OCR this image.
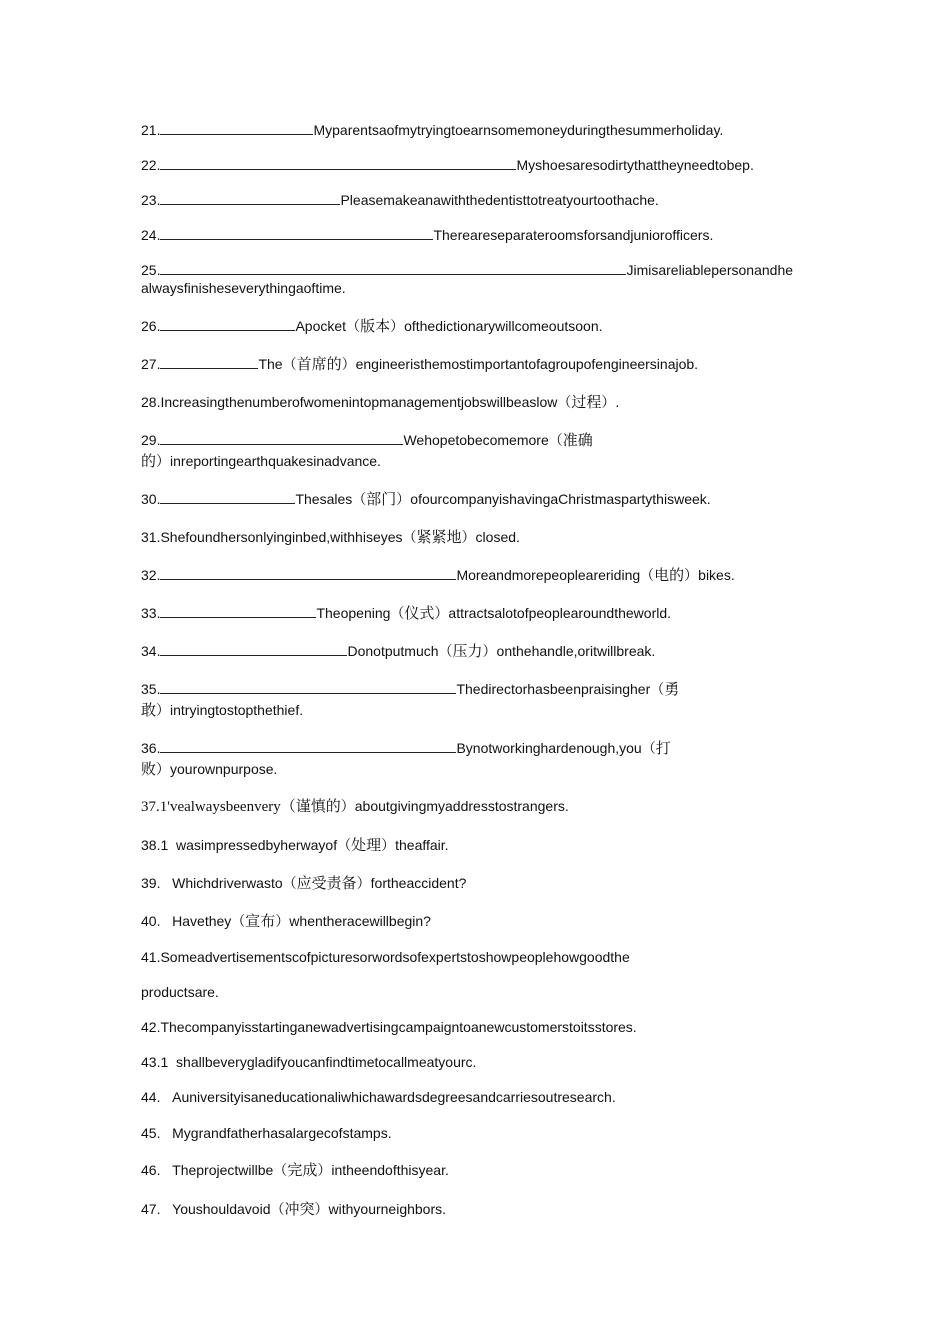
21.	Myparentsaofmytryingtoearnsomemoneyduringthesummerholiday.
22.	Myshoesaresodirtythattheyneedtobep.
23.	Pleasemakeanawiththedentisttotreatyourtoothache.
24.	Thereareseparateroomsforsandjuniorofficers.
25.	Jimisareliablepersonandhe
alwaysfinisheseverythingaoftime.
26.	Apocket（版本）ofthedictionarywillcomeoutsoon.
27.	The（首席的）engineeristhemostimportantofagroupofengineersinajob.
28.Increasingthenumberofwomenintopmanagementjobswillbeaslow（过程）.
29.	Wehopetobecomemore（准确
的）inreportingearthquakesinadvance.
30.	Thesales（部门）ofourcompanyishavingaChristmaspartythisweek.
31.Shefoundhersonlyinginbed,withhiseyes（紧紧地）closed.
32.	Moreandmorepeopleareriding（电的）bikes.
33.	Theopening（仪式）attractsalotofpeoplearoundtheworld.
34.	Donotputmuch（压力）onthehandle,oritwillbreak.
35.	Thedirectorhasbeenpraisingher（勇
敢）intryingtostopthethief.
36.	Bynotworkinghardenough,you（打
败）yourownpurpose.
37.1'vealwaysbeenvery（谨慎的）aboutgivingmyaddresstostrangers.
38.1 wasimpressedbyherwayof（处理）theaffair.
39. Whichdriverwasto（应受责备）fortheaccident?
40. Havethey（宣布）whentheracewillbegin?
41.Someadvertisementscofpicturesorwordsofexpertstoshowpeoplehowgoodthe
productsare.
42.Thecompanyisstartinganewadvertisingcampaigntoanewcustomerstoitsstores.
43.1 shallbeverygladifyoucanfindtimetocallmeatyourc.
44. Auniversityisaneducationaliwhichawardsdegreesandcarriesoutresearch.
45. Mygrandfatherhasalargecofstamps.
46. Theprojectwillbe（完成）intheendofthisyear.
47. Youshouldavoid（冲突）withyourneighbors.
